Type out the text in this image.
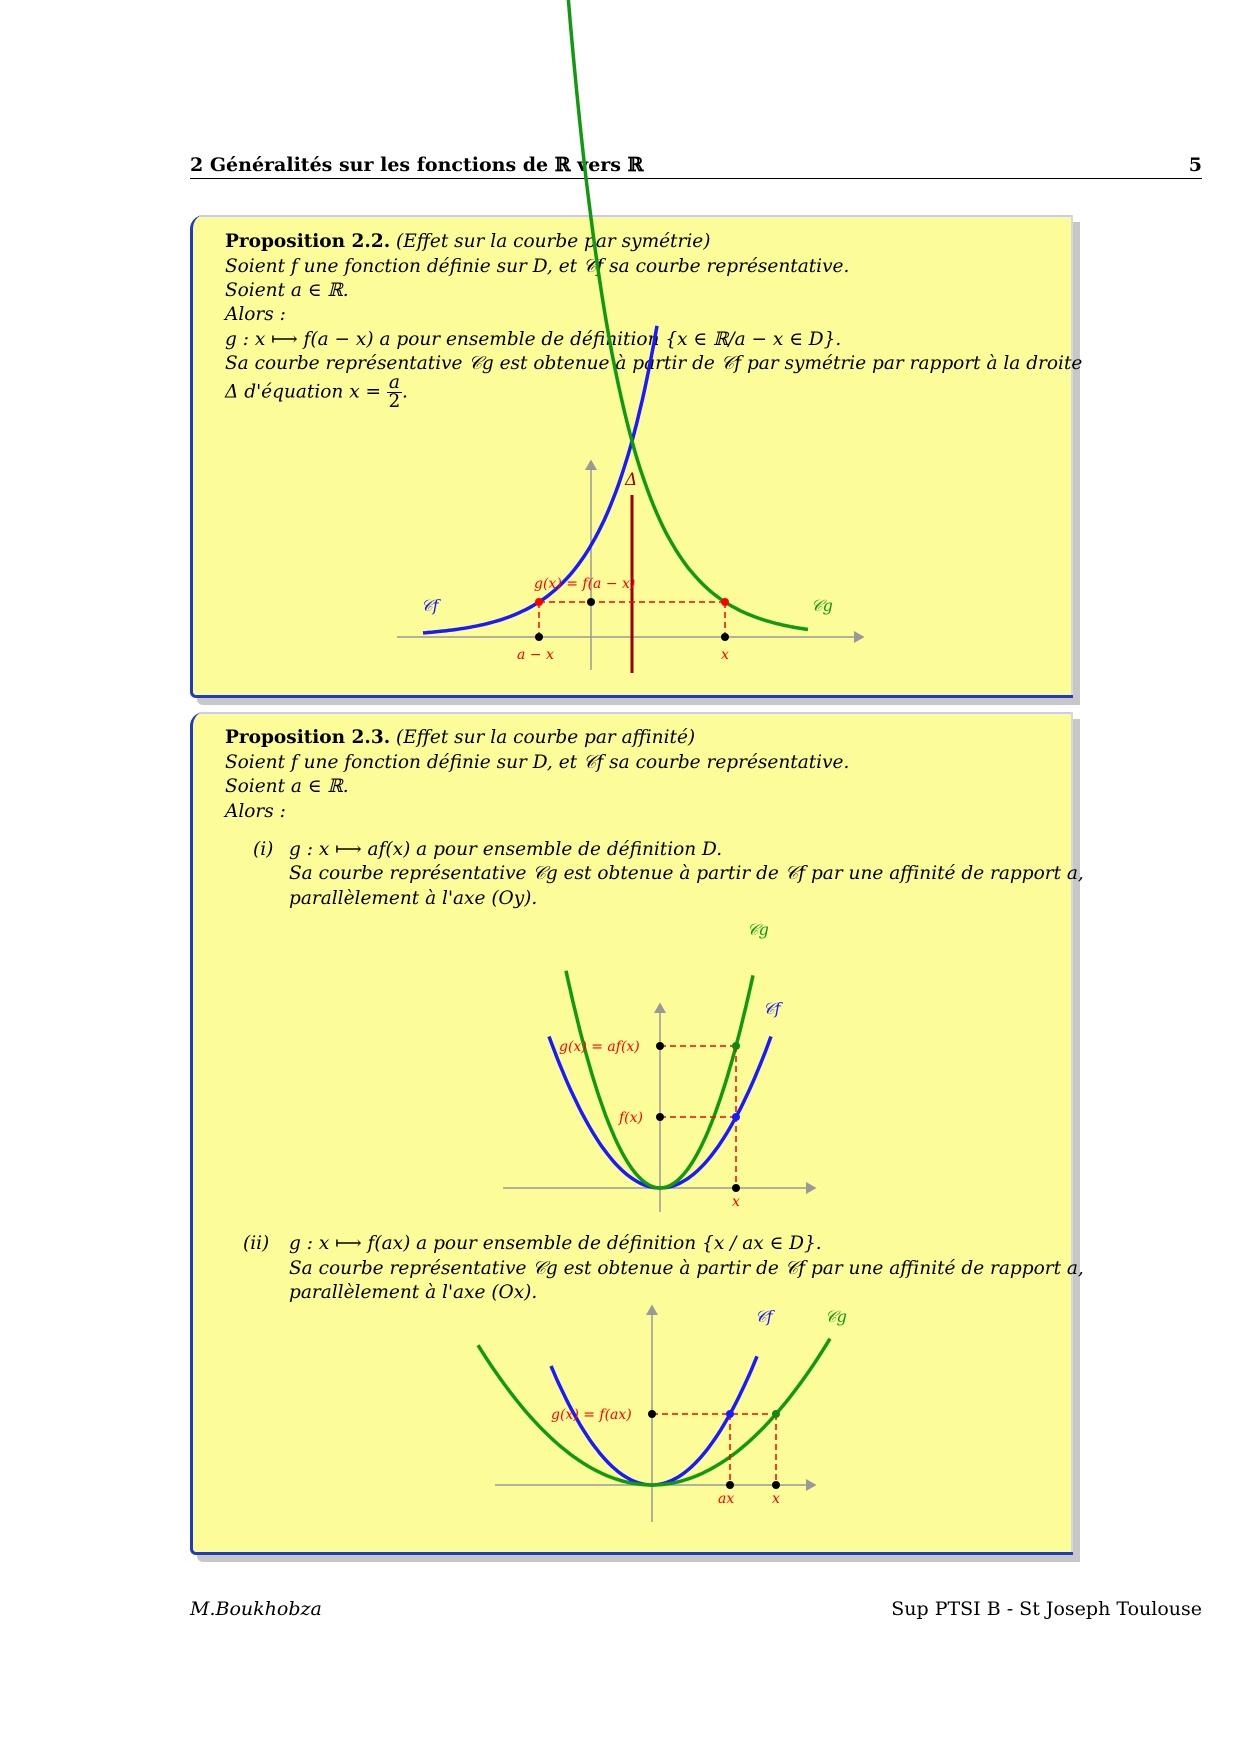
2 Généralités sur les fonctions de ℝ vers ℝ	5
Proposition 2.2. (Effet sur la courbe par symétrie)
Soient f une fonction définie sur D, et 𝒞f sa courbe représentative.
Soient a ∈ ℝ.
Alors :
g : x ⟼ f(a − x) a pour ensemble de définition {x ∈ ℝ/a − x ∈ D}.
Sa courbe représentative 𝒞g est obtenue à partir de 𝒞f par symétrie par rapport à la droite
Δ d'équation $x = \frac{a}{2}$ .
Δ
𝒞f	𝒞g
g(x) = f(a − x)
a − x	x
Proposition 2.3. (Effet sur la courbe par affinité)
Soient f une fonction définie sur D, et 𝒞f sa courbe représentative.
Soient a ∈ ℝ.
Alors :
(i) g : x ⟼ af(x) a pour ensemble de définition D.
Sa courbe représentative 𝒞g est obtenue à partir de 𝒞f par une affinité de rapport a,
parallèlement à l'axe (Oy).
𝒞g
𝒞f
g(x) = af(x)
f(x)
x
𝒞f	𝒞g
g(x) = f(ax)
ax	x
(ii) g : x ⟼ f(ax) a pour ensemble de définition {x / ax ∈ D}.
Sa courbe représentative 𝒞g est obtenue à partir de 𝒞f par une affinité de rapport a,
parallèlement à l'axe (Ox).
M.Boukhobza	Sup PTSI B - St Joseph Toulouse
